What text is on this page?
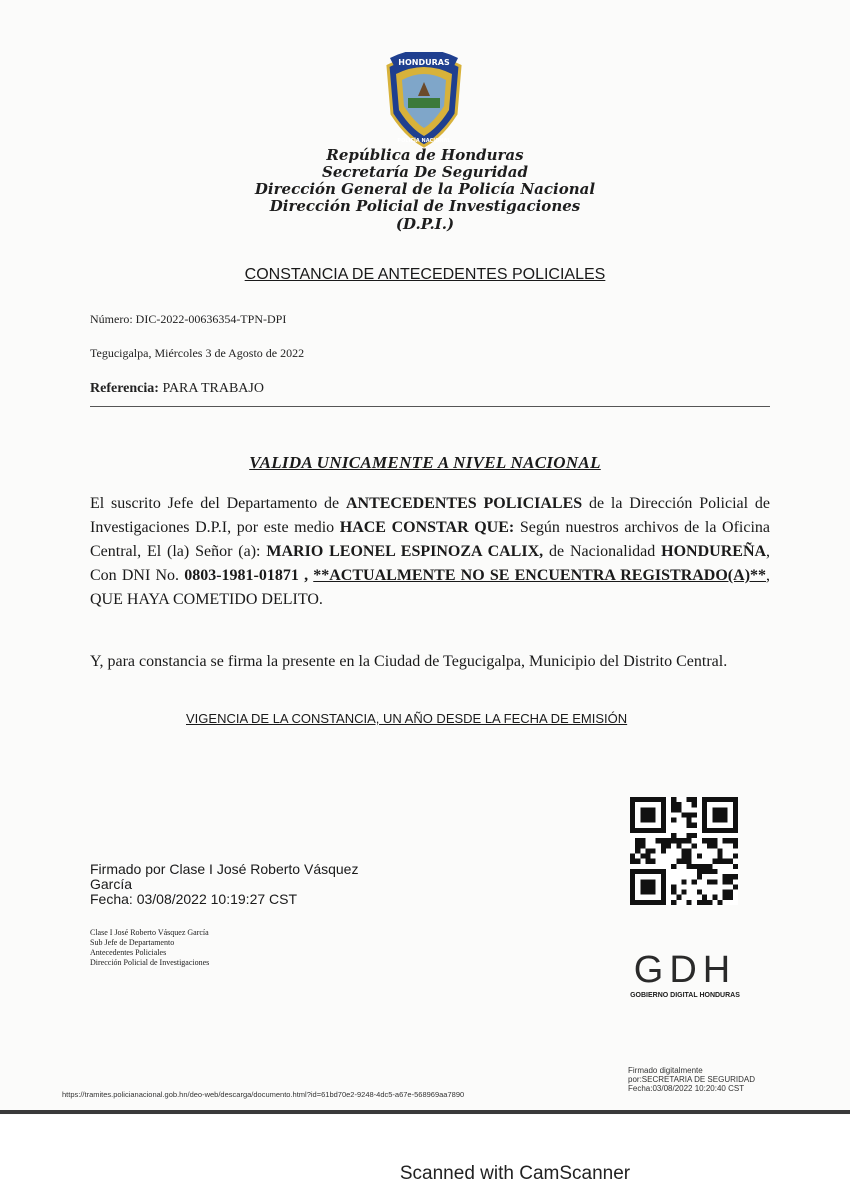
HONDURAS
POLICÍA NACIONAL
República de Honduras
Secretaría De Seguridad
Dirección General de la Policía Nacional
Dirección Policial de Investigaciones
(D.P.I.)
CONSTANCIA DE ANTECEDENTES POLICIALES
Número: DIC-2022-00636354-TPN-DPI
Tegucigalpa, Miércoles 3 de Agosto de 2022
Referencia: PARA TRABAJO
VALIDA UNICAMENTE A NIVEL NACIONAL
El suscrito Jefe del Departamento de ANTECEDENTES POLICIALES de la Dirección Policial de Investigaciones D.P.I, por este medio HACE CONSTAR QUE: Según nuestros archivos de la Oficina Central, El (la) Señor (a): MARIO LEONEL ESPINOZA CALIX, de Nacionalidad HONDUREÑA, Con DNI No. 0803-1981-01871 , **ACTUALMENTE NO SE ENCUENTRA REGISTRADO(A)**, QUE HAYA COMETIDO DELITO.
Y, para constancia se firma la presente en la Ciudad de Tegucigalpa, Municipio del Distrito Central.
VIGENCIA DE LA CONSTANCIA, UN AÑO DESDE LA FECHA DE EMISIÓN
Firmado por Clase I José Roberto Vásquez
García
Fecha: 03/08/2022 10:19:27 CST
Clase I José Roberto Vásquez García
Sub Jefe de Departamento
Antecedentes Policiales
Dirección Policial de Investigaciones	GDH
GOBIERNO DIGITAL HONDURAS
https://tramites.policianacional.gob.hn/deo-web/descarga/documento.html?id=61bd70e2-9248-4dc5-a67e-568969aa7890
Firmado digitalmente
por:SECRETARIA DE SEGURIDAD
Fecha:03/08/2022 10:20:40 CST
Scanned with CamScanner
